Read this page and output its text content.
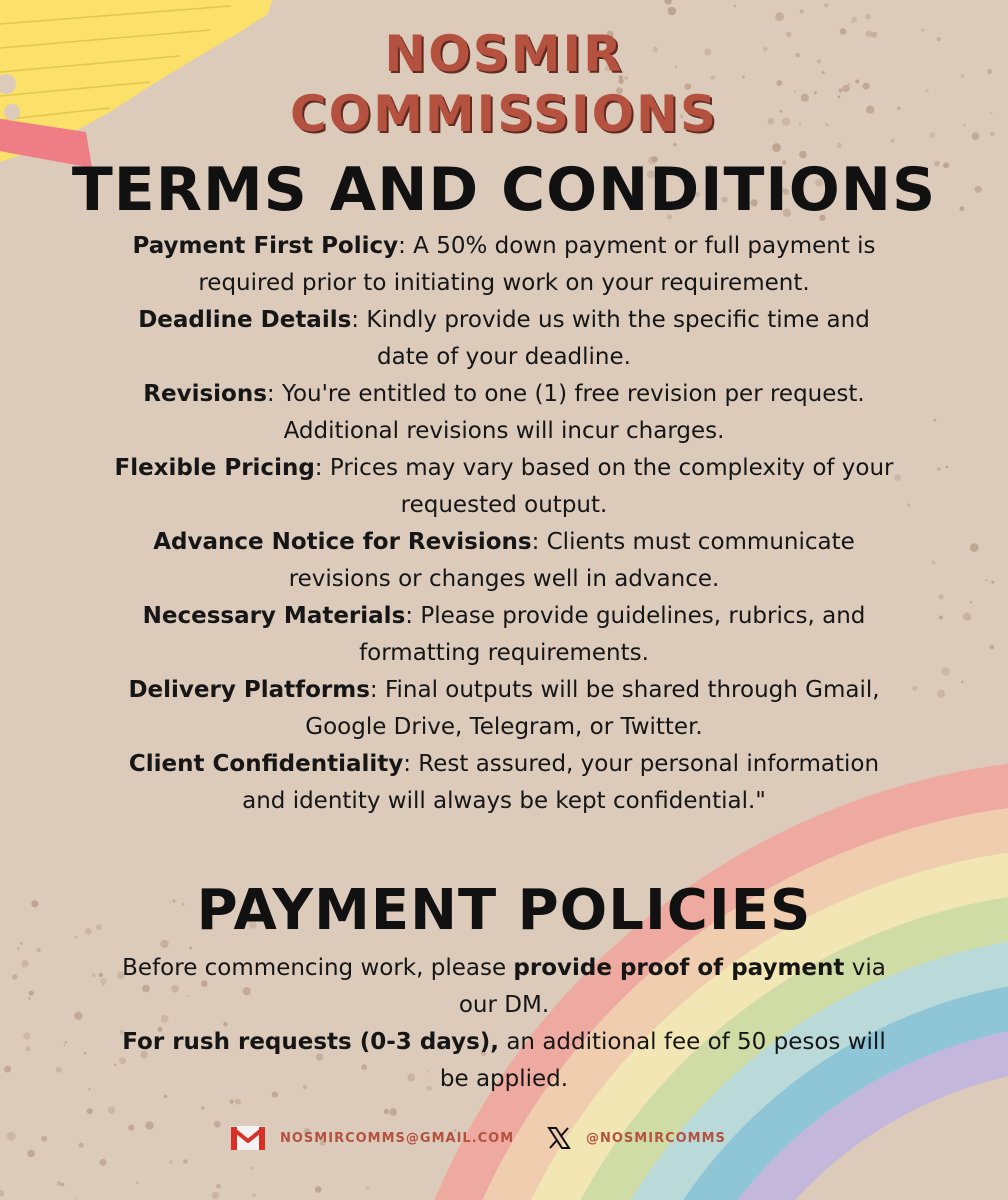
NOSMIR
COMMISSIONS
TERMS AND CONDITIONS

Payment First Policy: A 50% down payment or full payment is required prior to initiating work on your requirement.

Deadline Details: Kindly provide us with the specific time and date of your deadline.

Revisions: You're entitled to one (1) free revision per request. Additional revisions will incur charges.

Flexible Pricing: Prices may vary based on the complexity of your requested output.

Advance Notice for Revisions: Clients must communicate revisions or changes well in advance.

Necessary Materials: Please provide guidelines, rubrics, and formatting requirements.

Delivery Platforms: Final outputs will be shared through Gmail, Google Drive, Telegram, or Twitter.

Client Confidentiality: Rest assured, your personal information and identity will always be kept confidential."

PAYMENT POLICIES

Before commencing work, please provide proof of payment via our DM.

For rush requests (0-3 days), an additional fee of 50 pesos will be applied.

NOSMIRCOMMS@GMAIL.COM	@NOSMIRCOMMS
